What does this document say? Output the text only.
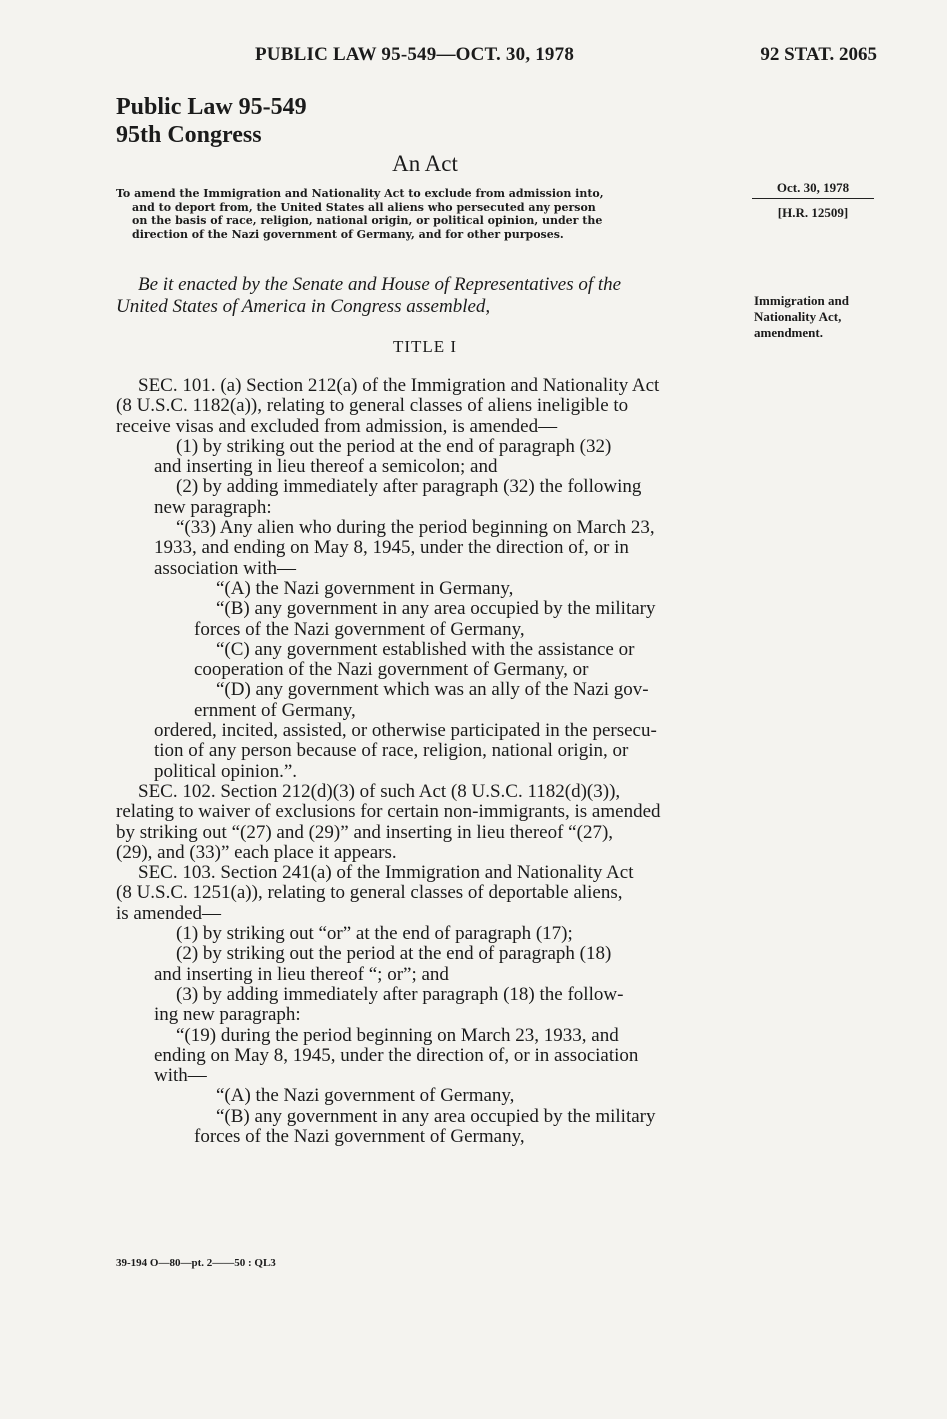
PUBLIC LAW 95-549—OCT. 30, 1978	92 STAT. 2065
Public Law 95-549
95th Congress
An Act
To amend the Immigration and Nationality Act to exclude from admission into,
and to deport from, the United States all aliens who persecuted any person
on the basis of race, religion, national origin, or political opinion, under the
direction of the Nazi government of Germany, and for other purposes.
Oct. 30, 1978
[H.R. 12509]
Be it enacted by the Senate and House of Representatives of the
United States of America in Congress assembled,	Immigration and
Nationality Act,
amendment.
TITLE I
SEC. 101. (a) Section 212(a) of the Immigration and Nationality Act
(8 U.S.C. 1182(a)), relating to general classes of aliens ineligible to
receive visas and excluded from admission, is amended—
(1) by striking out the period at the end of paragraph (32)
and inserting in lieu thereof a semicolon; and
(2) by adding immediately after paragraph (32) the following
new paragraph:
“(33) Any alien who during the period beginning on March 23,
1933, and ending on May 8, 1945, under the direction of, or in
association with—
“(A) the Nazi government in Germany,
“(B) any government in any area occupied by the military
forces of the Nazi government of Germany,
“(C) any government established with the assistance or
cooperation of the Nazi government of Germany, or
“(D) any government which was an ally of the Nazi gov-
ernment of Germany,
ordered, incited, assisted, or otherwise participated in the persecu-
tion of any person because of race, religion, national origin, or
political opinion.”.
SEC. 102. Section 212(d)(3) of such Act (8 U.S.C. 1182(d)(3)),
relating to waiver of exclusions for certain non-immigrants, is amended
by striking out “(27) and (29)” and inserting in lieu thereof “(27),
(29), and (33)” each place it appears.
SEC. 103. Section 241(a) of the Immigration and Nationality Act
(8 U.S.C. 1251(a)), relating to general classes of deportable aliens,
is amended—
(1) by striking out “or” at the end of paragraph (17);
(2) by striking out the period at the end of paragraph (18)
and inserting in lieu thereof “; or”; and
(3) by adding immediately after paragraph (18) the follow-
ing new paragraph:
“(19) during the period beginning on March 23, 1933, and
ending on May 8, 1945, under the direction of, or in association
with—
“(A) the Nazi government of Germany,
“(B) any government in any area occupied by the military
forces of the Nazi government of Germany,
39-194 O—80—pt. 2——50 : QL3
